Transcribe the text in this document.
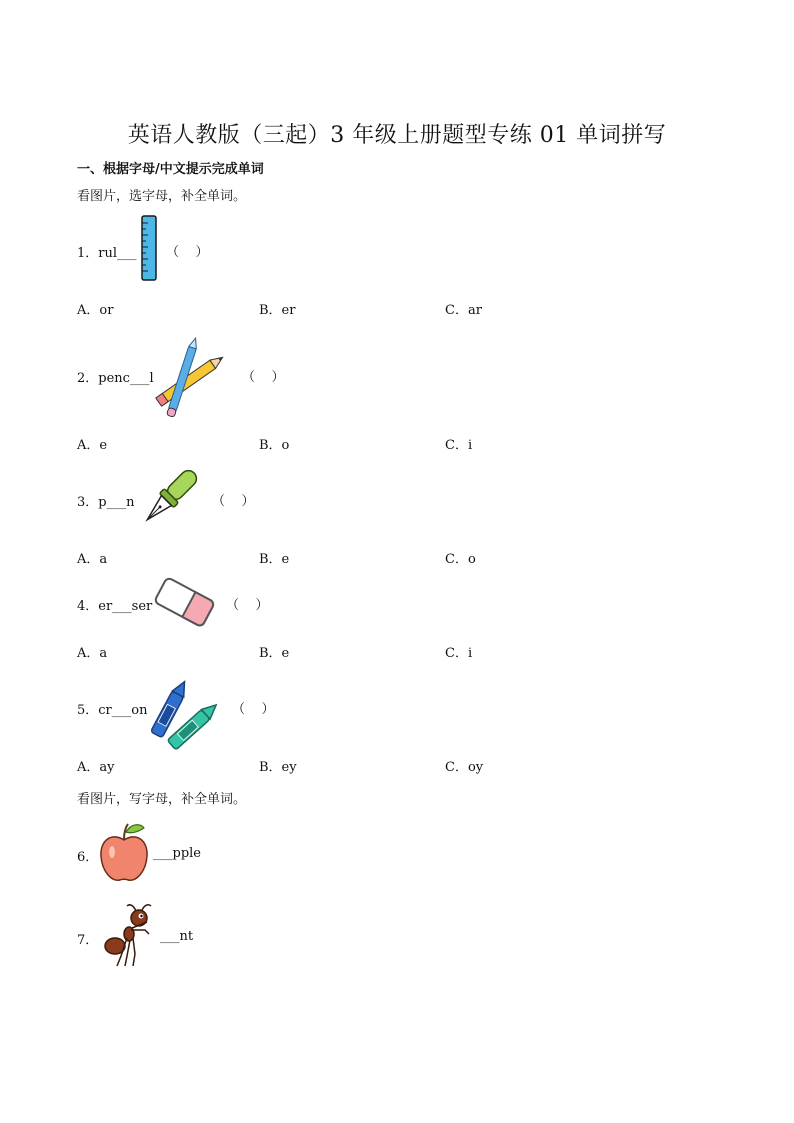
英语人教版（三起）3 年级上册题型专练 01 单词拼写
一、根据字母/中文提示完成单词
看图片，选字母，补全单词。
1．rul___ （    ）
A．or	B．er	C．ar
2．penc___l	（    ）
A．e	B．o	C．i
3．p___n	（    ）
A．a	B．e	C．o
4．er___ser	（    ）
A．a	B．e	C．i
5．cr___on	（    ）
A．ay	B．ey	C．oy
看图片，写字母，补全单词。
6．	___pple
7．	___nt
